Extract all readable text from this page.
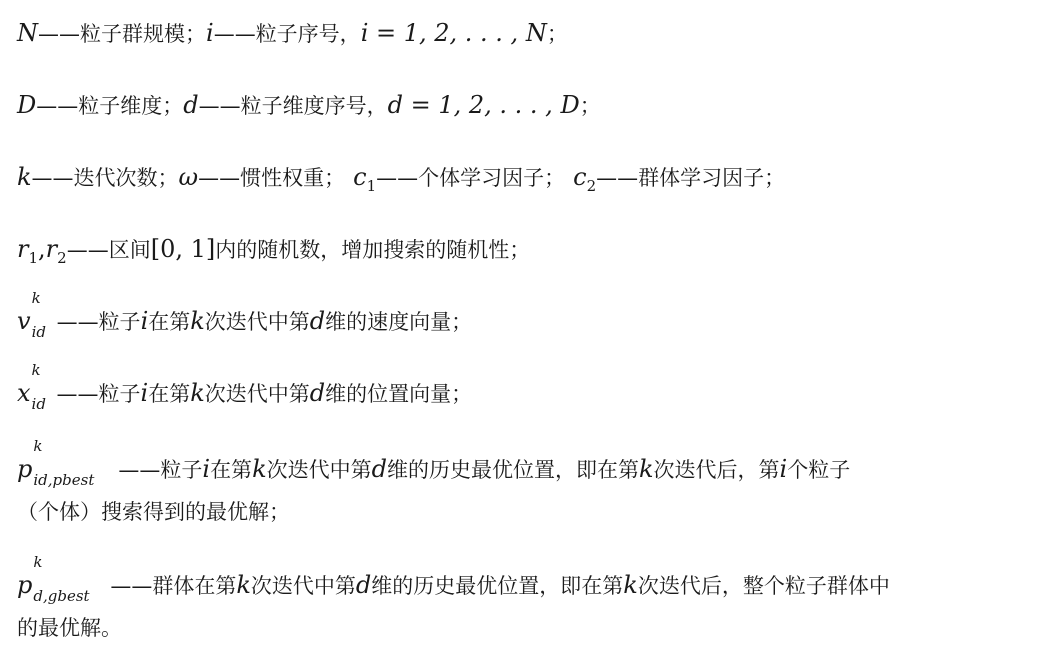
N ——粒子群规模； i ——粒子序号， i = 1, 2, . . . , N ；
D ——粒子维度； d ——粒子维度序号， d = 1, 2, . . . , D ；
k ——迭代次数； ω ——惯性权重； c 1 ——个体学习因子； c 2 ——群体学习因子；
r 1 , r 2 ——区间 [0, 1] 内的随机数，增加搜索的随机性；
v
k
id ——粒子 i 在第 k 次迭代中第 d 维的速度向量；
x
k
id ——粒子 i 在第 k 次迭代中第 d 维的位置向量；
p
k
id,pbest ——粒子 i 在第 k 次迭代中第 d 维的历史最优位置，即在第 k 次迭代后，第 i 个粒子
（个体）搜索得到的最优解；
p
k
d,gbest ——群体在第 k 次迭代中第 d 维的历史最优位置，即在第 k 次迭代后，整个粒子群体中
的最优解。
